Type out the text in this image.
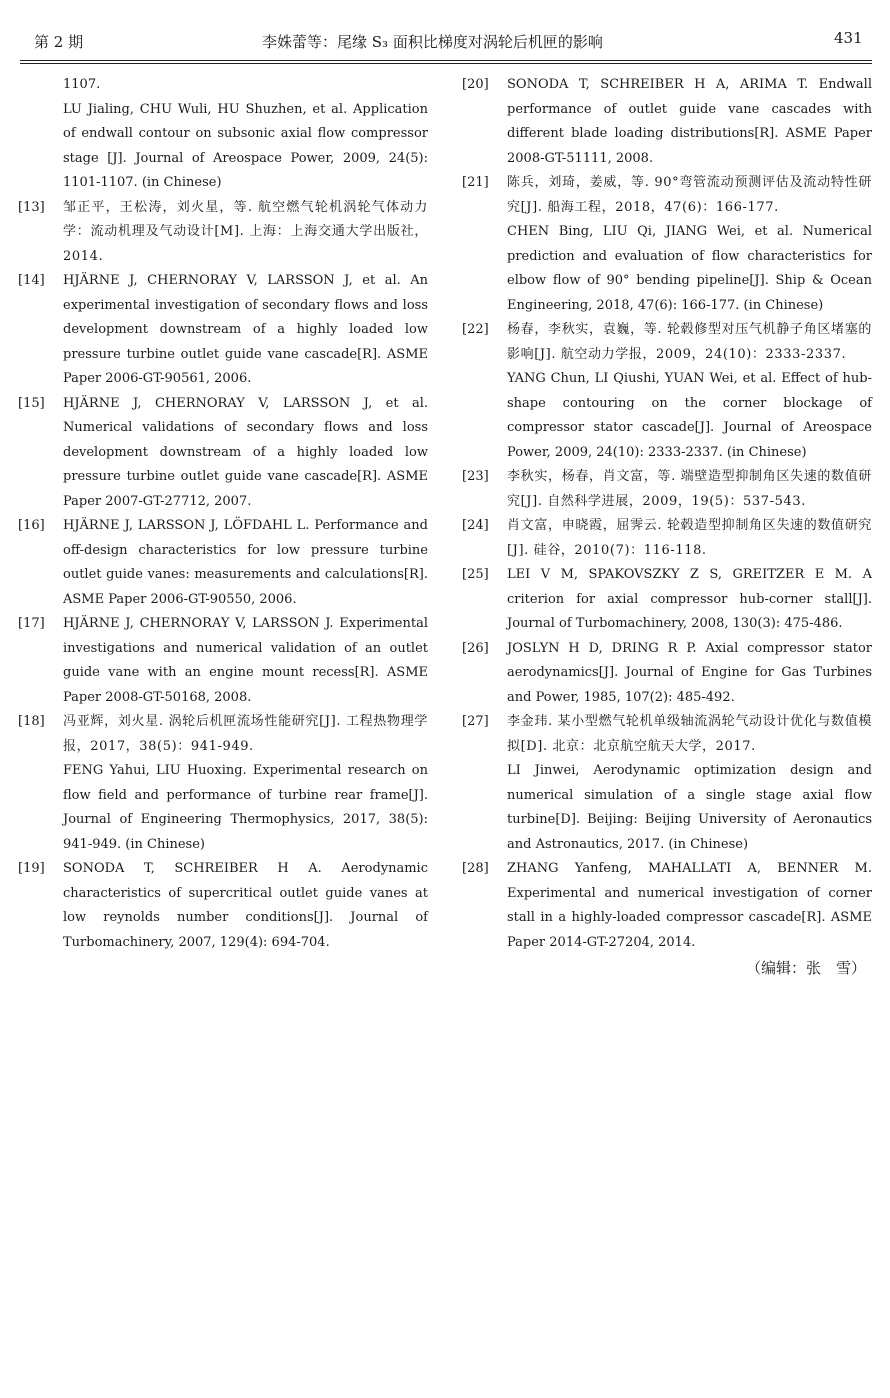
第 2 期	李姝蕾等：尾缘 S₃ 面积比梯度对涡轮后机匣的影响	431

1107.

LU Jialing, CHU Wuli, HU Shuzhen, et al. Application of endwall contour on subsonic axial flow compressor stage [J]. Journal of Areospace Power, 2009, 24(5): 1101-1107. (in Chinese)

[13] 邹正平，王松涛，刘火星，等. 航空燃气轮机涡轮气体动力学：流动机理及气动设计[M]. 上海：上海交通大学出版社，2014.

[14] HJÄRNE J, CHERNORAY V, LARSSON J, et al. An experimental investigation of secondary flows and loss development downstream of a highly loaded low pressure turbine outlet guide vane cascade[R]. ASME Paper 2006-GT-90561, 2006.

[15] HJÄRNE J, CHERNORAY V, LARSSON J, et al. Numerical validations of secondary flows and loss development downstream of a highly loaded low pressure turbine outlet guide vane cascade[R]. ASME Paper 2007-GT-27712, 2007.

[16] HJÄRNE J, LARSSON J, LÖFDAHL L. Performance and off-design characteristics for low pressure turbine outlet guide vanes: measurements and calculations[R]. ASME Paper 2006-GT-90550, 2006.

[17] HJÄRNE J, CHERNORAY V, LARSSON J. Experimental investigations and numerical validation of an outlet guide vane with an engine mount recess[R]. ASME Paper 2008-GT-50168, 2008.

[18] 冯亚辉，刘火星. 涡轮后机匣流场性能研究[J]. 工程热物理学报，2017，38(5)：941-949.

FENG Yahui, LIU Huoxing. Experimental research on flow field and performance of turbine rear frame[J]. Journal of Engineering Thermophysics, 2017, 38(5): 941-949. (in Chinese)

[19] SONODA T, SCHREIBER H A. Aerodynamic characteristics of supercritical outlet guide vanes at low reynolds number conditions[J]. Journal of Turbomachinery, 2007, 129(4): 694-704.

[20] SONODA T, SCHREIBER H A, ARIMA T. Endwall performance of outlet guide vane cascades with different blade loading distributions[R]. ASME Paper 2008-GT-51111, 2008.

[21] 陈兵，刘琦，姜威，等. 90°弯管流动预测评估及流动特性研究[J]. 船海工程，2018，47(6)：166-177.

CHEN Bing, LIU Qi, JIANG Wei, et al. Numerical prediction and evaluation of flow characteristics for elbow flow of 90° bending pipeline[J]. Ship & Ocean Engineering, 2018, 47(6): 166-177. (in Chinese)

[22] 杨春，李秋实，袁巍，等. 轮毂修型对压气机静子角区堵塞的影响[J]. 航空动力学报，2009，24(10)：2333-2337.

YANG Chun, LI Qiushi, YUAN Wei, et al. Effect of hub-shape contouring on the corner blockage of compressor stator cascade[J]. Journal of Areospace Power, 2009, 24(10): 2333-2337. (in Chinese)

[23] 李秋实，杨春，肖文富，等. 端壁造型抑制角区失速的数值研究[J]. 自然科学进展，2009，19(5)：537-543.

[24] 肖文富，申晓霞，屈霁云. 轮毂造型抑制角区失速的数值研究[J]. 硅谷，2010(7)：116-118.

[25] LEI V M, SPAKOVSZKY Z S, GREITZER E M. A criterion for axial compressor hub-corner stall[J]. Journal of Turbomachinery, 2008, 130(3): 475-486.

[26] JOSLYN H D, DRING R P. Axial compressor stator aerodynamics[J]. Journal of Engine for Gas Turbines and Power, 1985, 107(2): 485-492.

[27] 李金玮. 某小型燃气轮机单级轴流涡轮气动设计优化与数值模拟[D]. 北京：北京航空航天大学，2017.

LI Jinwei, Aerodynamic optimization design and numerical simulation of a single stage axial flow turbine[D]. Beijing: Beijing University of Aeronautics and Astronautics, 2017. (in Chinese)

[28] ZHANG Yanfeng, MAHALLATI A, BENNER M. Experimental and numerical investigation of corner stall in a highly-loaded compressor cascade[R]. ASME Paper 2014-GT-27204, 2014.

（编辑：张　雪）
